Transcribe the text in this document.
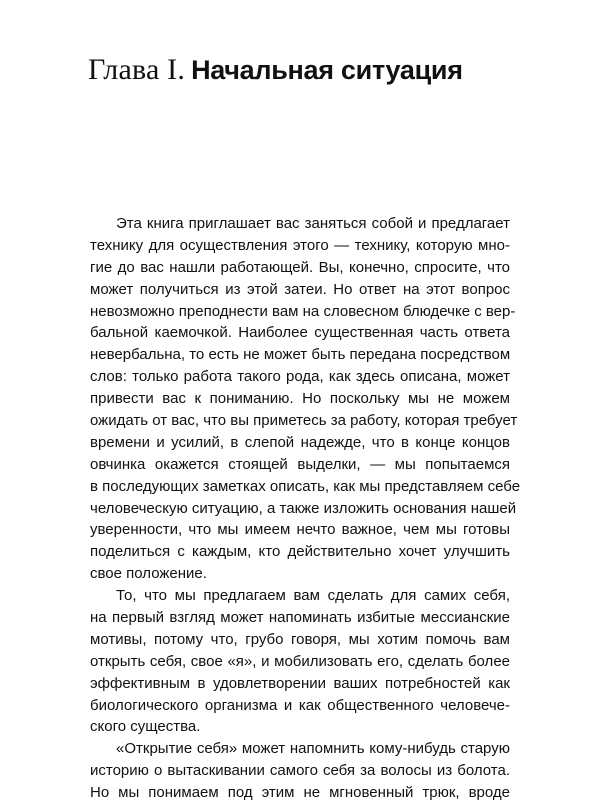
Глава I. Начальная ситуация
Эта книга приглашает вас заняться собой и предлагает
технику для осуществления этого — технику, которую мно-
гие до вас нашли работающей. Вы, конечно, спросите, что
может получиться из этой затеи. Но ответ на этот вопрос
невозможно преподнести вам на словесном блюдечке с вер-
бальной каемочкой. Наиболее существенная часть ответа
невербальна, то есть не может быть передана посредством
слов: только работа такого рода, как здесь описана, может
привести вас к пониманию. Но поскольку мы не можем
ожидать от вас, что вы приметесь за работу, которая требует
времени и усилий, в слепой надежде, что в конце концов
овчинка окажется стоящей выделки, — мы попытаемся
в последующих заметках описать, как мы представляем себе
человеческую ситуацию, а также изложить основания нашей
уверенности, что мы имеем нечто важное, чем мы готовы
поделиться с каждым, кто действительно хочет улучшить
свое положение.
То, что мы предлагаем вам сделать для самих себя,
на первый взгляд может напоминать избитые мессианские
мотивы, потому что, грубо говоря, мы хотим помочь вам
открыть себя, свое «я», и мобилизовать его, сделать более
эффективным в удовлетворении ваших потребностей как
биологического организма и как общественного человече-
ского существа.
«Открытие себя» может напомнить кому-нибудь старую
историю о вытаскивании самого себя за волосы из болота.
Но мы понимаем под этим не мгновенный трюк, вроде
